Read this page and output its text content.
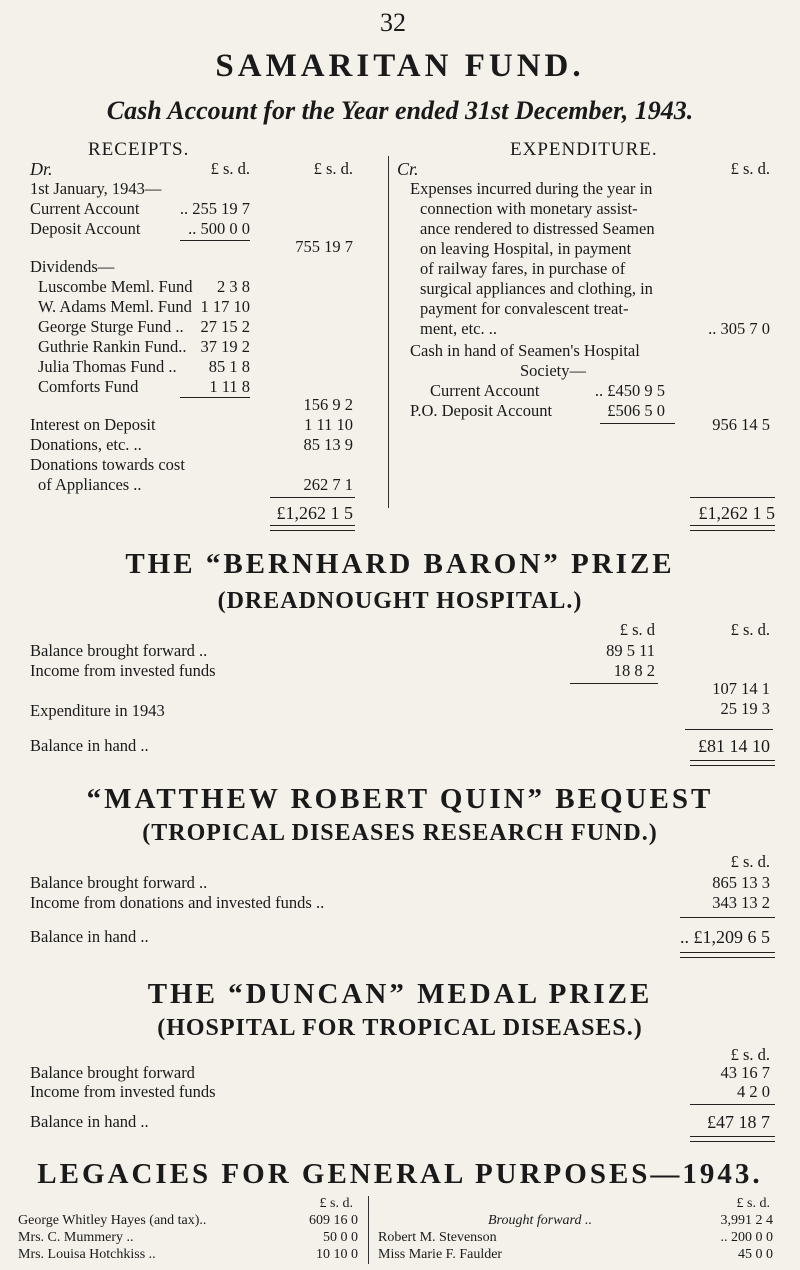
32
SAMARITAN FUND.
Cash Account for the Year ended 31st December, 1943.
RECEIPTS.	EXPENDITURE.
Dr.	Cr.
£ s. d.	£ s. d.	£ s. d.
1st January, 1943—
Current Account	.. 255 19 7
Deposit Account	.. 500 0 0
755 19 7
Dividends—
Luscombe Meml. Fund	2 3 8
W. Adams Meml. Fund 1 17 10
George Sturge Fund ..	27 15 2
Guthrie Rankin Fund.. 37 19 2
Julia Thomas Fund ..	85 1 8
Comforts Fund	1 11 8
156 9 2
Interest on Deposit	1 11 10
Donations, etc. ..	85 13 9
Donations towards cost
of Appliances ..	262 7 1
£1,262 1 5
Expenses incurred during the year in
connection with monetary assist-
ance rendered to distressed Seamen
on leaving Hospital, in payment
of railway fares, in purchase of
surgical appliances and clothing, in
payment for convalescent treat-
ment, etc. ..	.. 305 7 0
Cash in hand of Seamen's Hospital
Society—
Current Account	.. £450 9 5
P.O. Deposit Account	£506 5 0
956 14 5
£1,262 1 5
THE “BERNHARD BARON” PRIZE
(DREADNOUGHT HOSPITAL.)
£ s. d	£ s. d.
Balance brought forward ..	89 5 11
Income from invested funds	18 8 2
107 14 1
Expenditure in 1943	25 19 3
Balance in hand ..	£81 14 10
“MATTHEW ROBERT QUIN” BEQUEST
(TROPICAL DISEASES RESEARCH FUND.)
£ s. d.
Balance brought forward ..	865 13 3
Income from donations and invested funds ..	343 13 2
Balance in hand ..	.. £1,209 6 5
THE “DUNCAN” MEDAL PRIZE
(HOSPITAL FOR TROPICAL DISEASES.)
£ s. d.
Balance brought forward	43 16 7
Income from invested funds	4 2 0
Balance in hand ..	£47 18 7
LEGACIES FOR GENERAL PURPOSES—1943.
£ s. d.	£ s. d.
George Whitley Hayes (and tax)..	609 16 0
Mrs. C. Mummery ..	50 0 0
Mrs. Louisa Hotchkiss ..	10 10 0
Brought forward ..	3,991 2 4
Robert M. Stevenson	.. 200 0 0
Miss Marie F. Faulder	45 0 0
